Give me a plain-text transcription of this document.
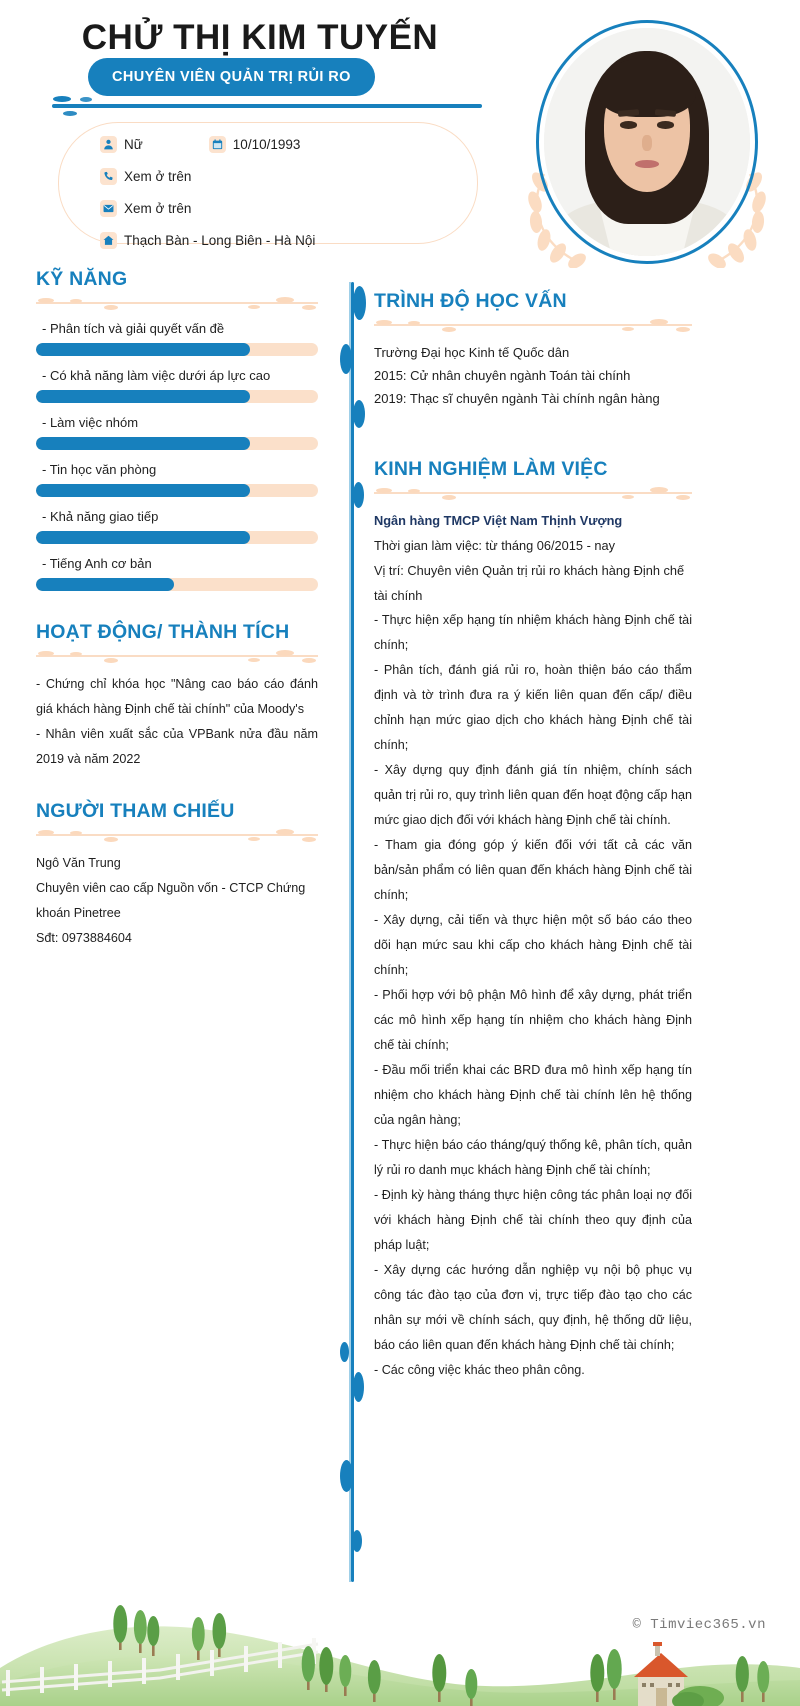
CHỬ THỊ KIM TUYẾN
CHUYÊN VIÊN QUẢN TRỊ RỦI RO
Nữ	10/10/1993
Xem ở trên
Xem ở trên
Thạch Bàn - Long Biên - Hà Nội
KỸ NĂNG
- Phân tích và giải quyết vấn đề
- Có khả năng làm việc dưới áp lực cao
- Làm việc nhóm
- Tin học văn phòng
- Khả năng giao tiếp
- Tiếng Anh cơ bản
HOẠT ĐỘNG/ THÀNH TÍCH

- Chứng chỉ khóa học "Nâng cao báo cáo đánh giá khách hàng Định chế tài chính" của Moody's

- Nhân viên xuất sắc của VPBank nửa đầu năm 2019 và năm 2022

NGƯỜI THAM CHIẾU

Ngô Văn Trung

Chuyên viên cao cấp Nguồn vốn - CTCP Chứng khoán Pinetree

Sđt: 0973884604

TRÌNH ĐỘ HỌC VẤN

Trường Đại học Kinh tế Quốc dân

2015: Cử nhân chuyên ngành Toán tài chính

2019: Thạc sĩ chuyên ngành Tài chính ngân hàng

KINH NGHIỆM LÀM VIỆC
Ngân hàng TMCP Việt Nam Thịnh Vượng
Thời gian làm việc: từ tháng 06/2015 - nay
Vị trí: Chuyên viên Quản trị rủi ro khách hàng Định chế tài chính

- Thực hiện xếp hạng tín nhiệm khách hàng Định chế tài chính;

- Phân tích, đánh giá rủi ro, hoàn thiện báo cáo thẩm định và tờ trình đưa ra ý kiến liên quan đến cấp/ điều chỉnh hạn mức giao dịch cho khách hàng Định chế tài chính;

- Xây dựng quy định đánh giá tín nhiệm, chính sách quản trị rủi ro, quy trình liên quan đến hoạt động cấp hạn mức giao dịch đối với khách hàng Định chế tài chính.

- Tham gia đóng góp ý kiến đối với tất cả các văn bản/sản phẩm có liên quan đến khách hàng Định chế tài chính;

- Xây dựng, cải tiến và thực hiện một số báo cáo theo dõi hạn mức sau khi cấp cho khách hàng Định chế tài chính;

- Phối hợp với bộ phận Mô hình để xây dựng, phát triển các mô hình xếp hạng tín nhiệm cho khách hàng Định chế tài chính;

- Đầu mối triển khai các BRD đưa mô hình xếp hạng tín nhiệm cho khách hàng Định chế tài chính lên hệ thống của ngân hàng;

- Thực hiện báo cáo tháng/quý thống kê, phân tích, quản lý rủi ro danh mục khách hàng Định chế tài chính;

- Định kỳ hàng tháng thực hiện công tác phân loại nợ đối với khách hàng Định chế tài chính theo quy định của pháp luật;

- Xây dựng các hướng dẫn nghiệp vụ nội bộ phục vụ công tác đào tạo của đơn vị, trực tiếp đào tạo cho các nhân sự mới về chính sách, quy định, hệ thống dữ liệu, báo cáo liên quan đến khách hàng Định chế tài chính;

- Các công việc khác theo phân công.

© Timviec365.vn
